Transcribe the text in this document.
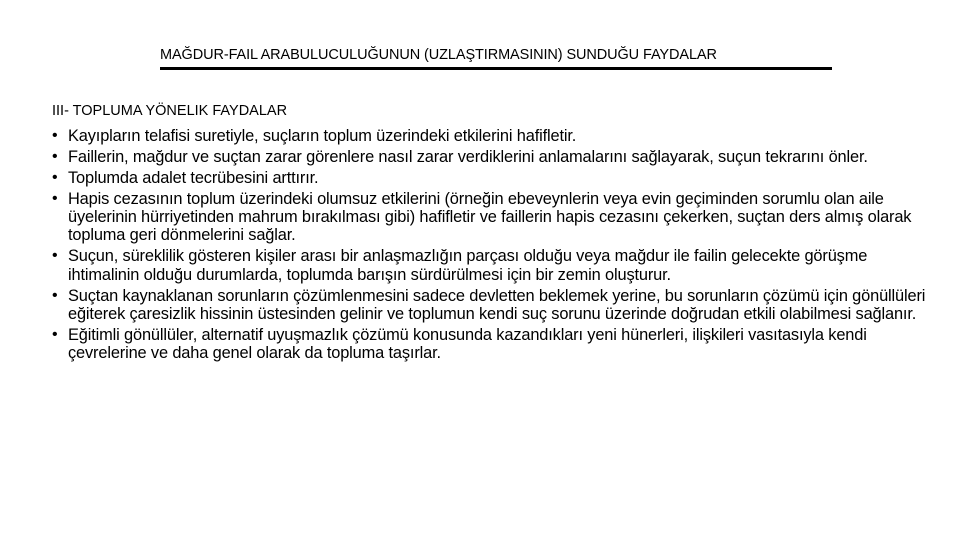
MAĞDUR-FAIL ARABULUCULUĞUNUN (UZLAŞTIRMASININ) SUNDUĞU FAYDALAR
III- TOPLUMA YÖNELIK FAYDALAR
• Kayıpların telafisi suretiyle, suçların toplum üzerindeki etkilerini hafifletir.
• Faillerin, mağdur ve suçtan zarar görenlere nasıl zarar verdiklerini anlamalarını sağlayarak, suçun tekrarını önler.
• Toplumda adalet tecrübesini arttırır.
• Hapis cezasının toplum üzerindeki olumsuz etkilerini (örneğin ebeveynlerin veya evin geçiminden sorumlu olan aile üyelerinin hürriyetinden mahrum bırakılması gibi) hafifletir ve faillerin hapis cezasını çekerken, suçtan ders almış olarak topluma geri dönmelerini sağlar.
• Suçun, süreklilik gösteren kişiler arası bir anlaşmazlığın parçası olduğu veya mağdur ile failin gelecekte görüşme ihtimalinin olduğu durumlarda, toplumda barışın sürdürülmesi için bir zemin oluşturur.
• Suçtan kaynaklanan sorunların çözümlenmesini sadece devletten beklemek yerine, bu sorunların çözümü için gönüllüleri eğiterek çaresizlik hissinin üstesinden gelinir ve toplumun kendi suç sorunu üzerinde doğrudan etkili olabilmesi sağlanır.
• Eğitimli gönüllüler, alternatif uyuşmazlık çözümü konusunda kazandıkları yeni hünerleri, ilişkileri vasıtasıyla kendi çevrelerine ve daha genel olarak da topluma taşırlar.
